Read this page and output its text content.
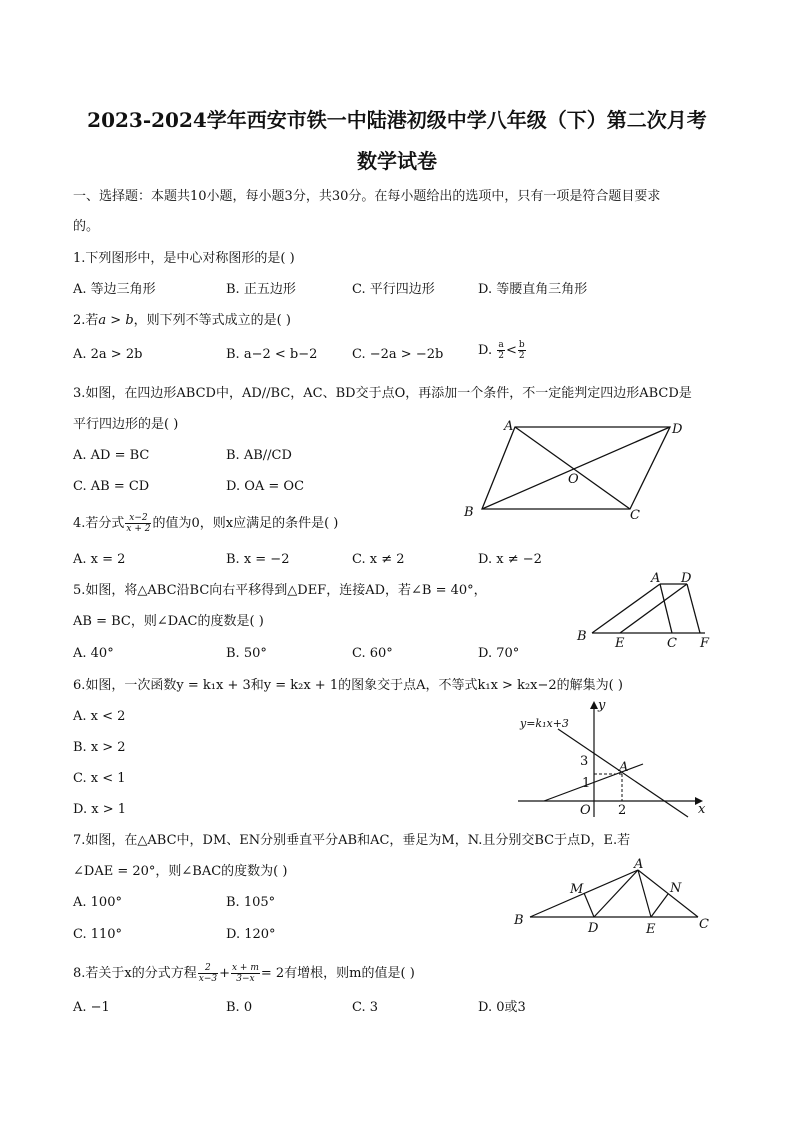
2023-2024学年西安市铁一中陆港初级中学八年级（下）第二次月考
数学试卷
一、选择题：本题共10小题，每小题3分，共30分。在每小题给出的选项中，只有一项是符合题目要求
的。
1.下列图形中，是中心对称图形的是( )
A. 等边三角形	B. 正五边形	C. 平行四边形	D. 等腰直角三角形
2.若a > b，则下列不等式成立的是( )
A. 2a > 2b	B. a−2 < b−2	C. −2a > −2b	D. $\frac{a}{2} < \frac{b}{2}$
3.如图，在四边形ABCD中，AD//BC，AC、BD交于点O，再添加一个条件，不一定能判定四边形ABCD是
平行四边形的是( )
A. AD = BC	B. AB//CD
C. AB = CD	D. OA = OC
A	D
O
B	C
4.若分式 $\frac{x-2}{x + 2}$ 的值为0，则x应满足的条件是( )
A. x = 2	B. x = −2	C. x ≠ 2	D. x ≠ −2
5.如图，将△ABC沿BC向右平移得到△DEF，连接AD，若∠B = 40°，
AB = BC，则∠DAC的度数是( )
A. 40°	B. 50°	C. 60°	D. 70°
A D
B E	C F
6.如图，一次函数y = k₁x + 3和y = k₂x + 1的图象交于点A，不等式k₁x > k₂x−2的解集为( )
A. x < 2
B. x > 2
C. x < 1
D. x > 1
y=k₁x+3
y
x
3
1
2
O
A
7.如图，在△ABC中，DM、EN分别垂直平分AB和AC，垂足为M，N.且分别交BC于点D，E.若
∠DAE = 20°，则∠BAC的度数为( )
A. 100°	B. 105°
C. 110°	D. 120°
A
M	N
B
D	E	C
8.若关于x的分式方程 $\frac{2}{x-3} + \frac{x + m}{3-x} = 2$有增根，则m的值是( )
A. −1	B. 0	C. 3	D. 0或3
